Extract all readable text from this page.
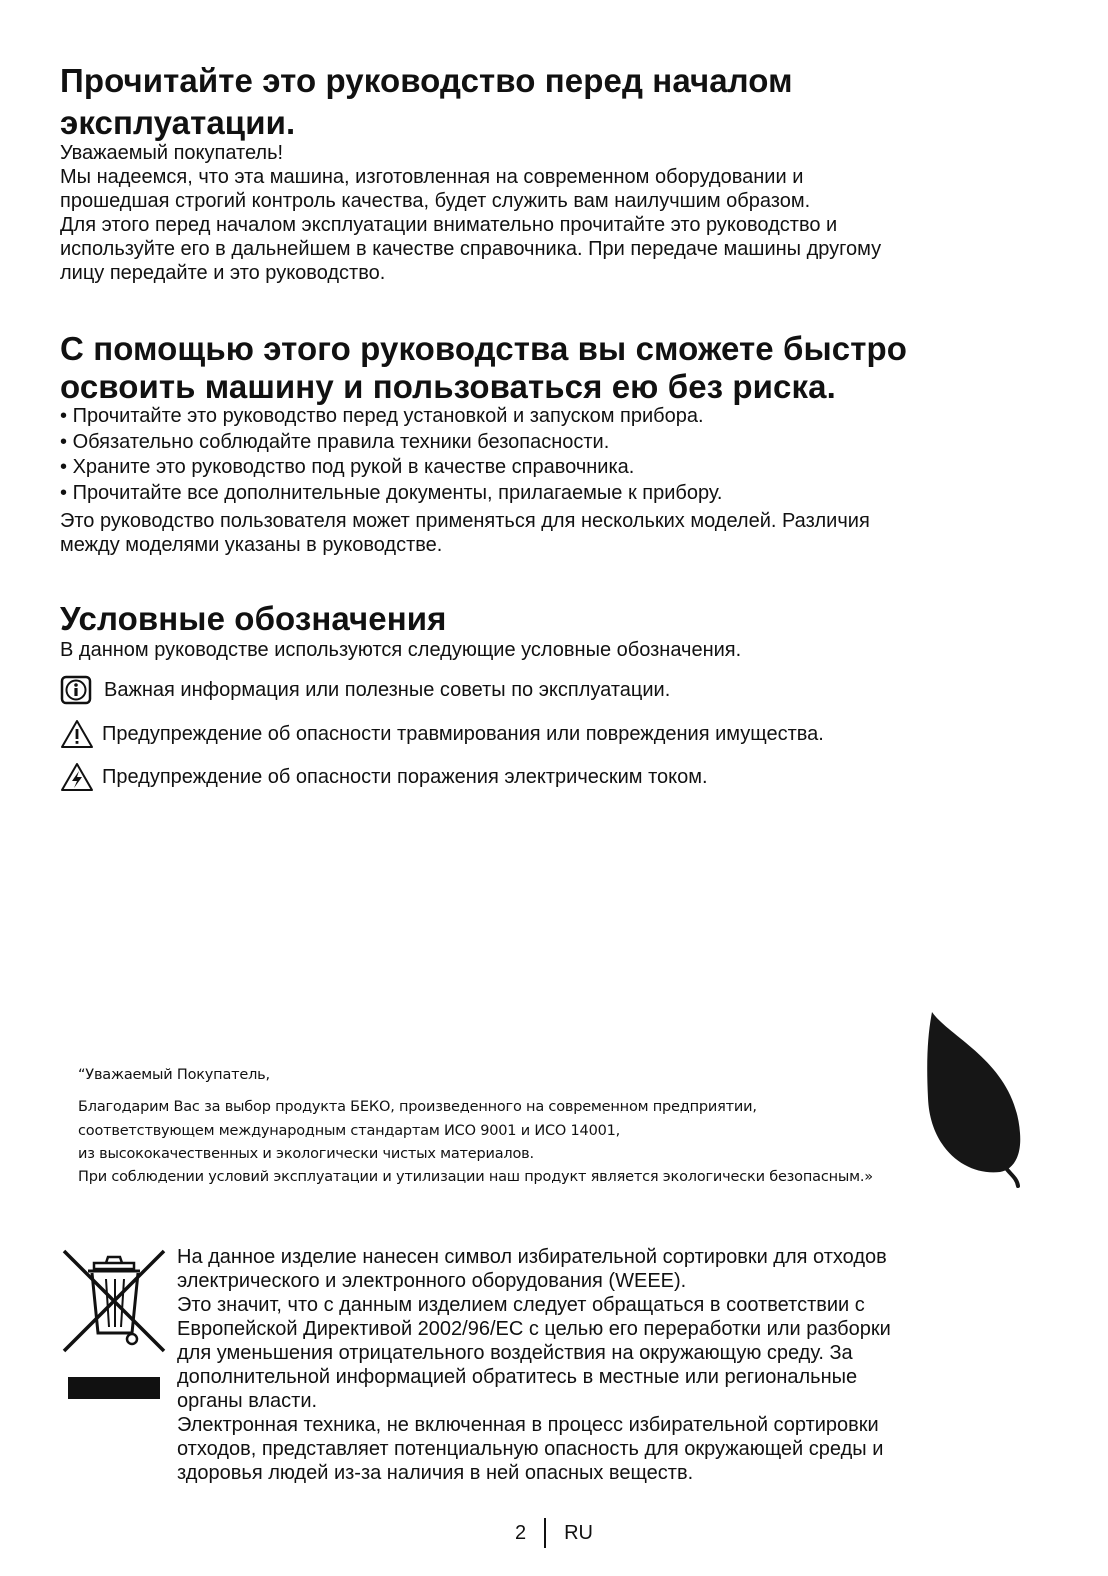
Прочитайте это руководство перед началом
эксплуатации.

Уважаемый покупатель!

Мы надеемся, что эта машина, изготовленная на современном оборудовании и

прошедшая строгий контроль качества, будет служить вам наилучшим образом.

Для этого перед началом эксплуатации внимательно прочитайте это руководство и

используйте его в дальнейшем в качестве справочника. При передаче машины другому

лицу передайте и это руководство.

С помощью этого руководства вы сможете быстро
освоить машину и пользоваться ею без риска.
• Прочитайте это руководство перед установкой и запуском прибора.
• Обязательно соблюдайте правила техники безопасности.
• Храните это руководство под рукой в качестве справочника.
• Прочитайте все дополнительные документы, прилагаемые к прибору.

Это руководство пользователя может применяться для нескольких моделей. Различия

между моделями указаны в руководстве.

Условные обозначения

В данном руководстве используются следующие условные обозначения.

Важная информация или полезные советы по эксплуатации.
Предупреждение об опасности травмирования или повреждения имущества.
Предупреждение об опасности поражения электрическим током.

“Уважаемый Покупатель,

Благодарим Вас за выбор продукта БЕКО, произведенного на современном предприятии,

соответствующем международным стандартам ИСО 9001 и ИСО 14001,

из высококачественных и экологически чистых материалов.

При соблюдении условий эксплуатации и утилизации наш продукт является экологически безопасным.»

На данное изделие нанесен символ избирательной сортировки для отходов
электрического и электронного оборудования (WEEE).
Это значит, что с данным изделием следует обращаться в соответствии с
Европейской Директивой 2002/96/ЕС с целью его переработки или разборки
для уменьшения отрицательного воздействия на окружающую среду. За
дополнительной информацией обратитесь в местные или региональные
органы власти.
Электронная техника, не включенная в процесс избирательной сортировки
отходов, представляет потенциальную опасность для окружающей среды и
здоровья людей из-за наличия в ней опасных веществ.
2 RU
